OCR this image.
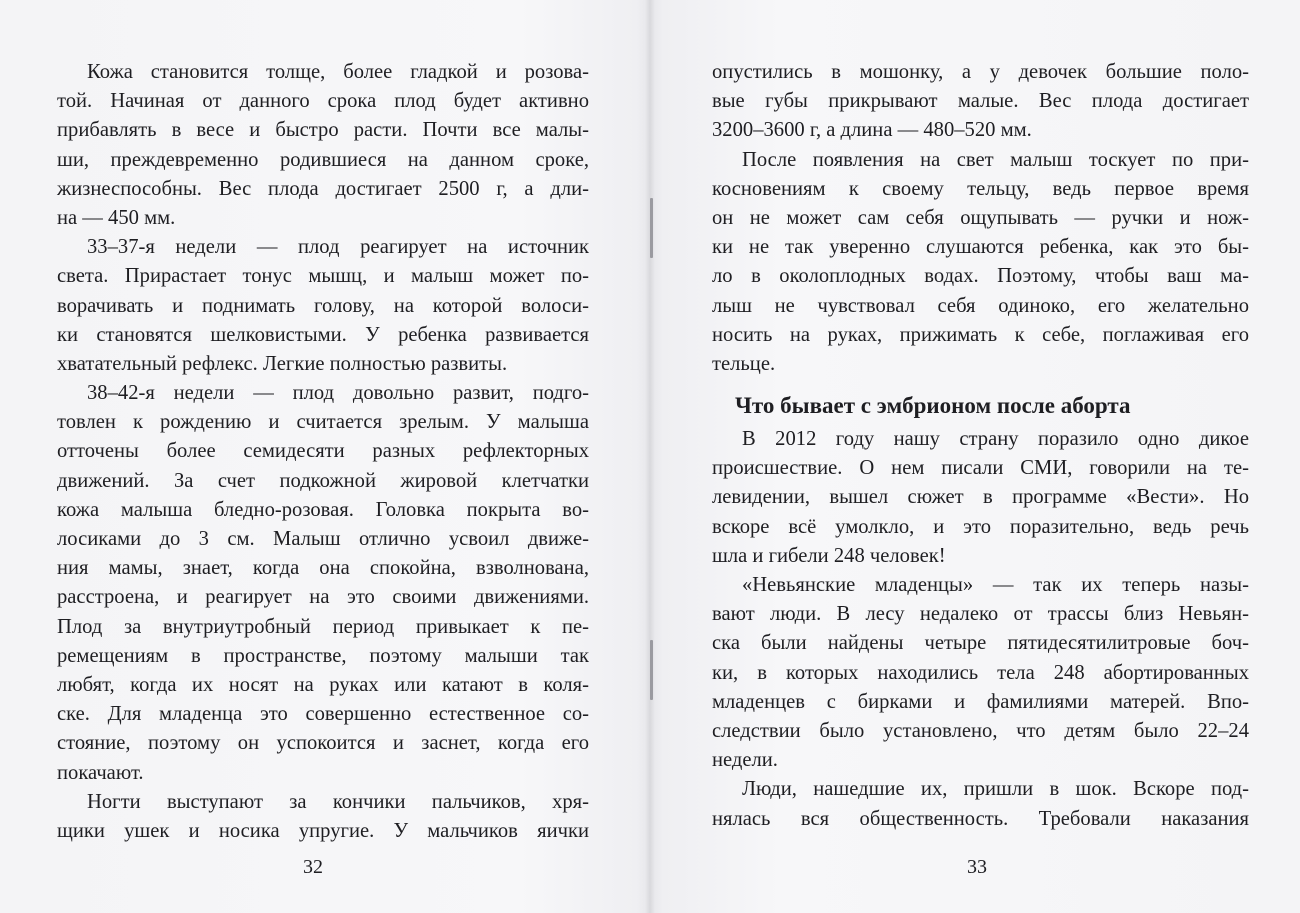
Кожа становится толще, более гладкой и розова-
той. Начиная от данного срока плод будет активно
прибавлять в весе и быстро расти. Почти все малы-
ши, преждевременно родившиеся на данном сроке,
жизнеспособны. Вес плода достигает 2500 г, а дли-
на — 450 мм.
33–37-я недели — плод реагирует на источник
света. Прирастает тонус мышц, и малыш может по-
ворачивать и поднимать голову, на которой волоси-
ки становятся шелковистыми. У ребенка развивается
хватательный рефлекс. Легкие полностью развиты.
38–42-я недели — плод довольно развит, подго-
товлен к рождению и считается зрелым. У малыша
отточены более семидесяти разных рефлекторных
движений. За счет подкожной жировой клетчатки
кожа малыша бледно-розовая. Головка покрыта во-
лосиками до 3 см. Малыш отлично усвоил движе-
ния мамы, знает, когда она спокойна, взволнована,
расстроена, и реагирует на это своими движениями.
Плод за внутриутробный период привыкает к пе-
ремещениям в пространстве, поэтому малыши так
любят, когда их носят на руках или катают в коля-
ске. Для младенца это совершенно естественное со-
стояние, поэтому он успокоится и заснет, когда его
покачают.
Ногти выступают за кончики пальчиков, хря-
щики ушек и носика упругие. У мальчиков яички
32
опустились в мошонку, а у девочек большие поло-
вые губы прикрывают малые. Вес плода достигает
3200–3600 г, а длина — 480–520 мм.
После появления на свет малыш тоскует по при-
косновениям к своему тельцу, ведь первое время
он не может сам себя ощупывать — ручки и нож-
ки не так уверенно слушаются ребенка, как это бы-
ло в околоплодных водах. Поэтому, чтобы ваш ма-
лыш не чувствовал себя одиноко, его желательно
носить на руках, прижимать к себе, поглаживая его
тельце.
Что бывает с эмбрионом после аборта
В 2012 году нашу страну поразило одно дикое
происшествие. О нем писали СМИ, говорили на те-
левидении, вышел сюжет в программе «Вести». Но
вскоре всё умолкло, и это поразительно, ведь речь
шла и гибели 248 человек!
«Невьянские младенцы» — так их теперь назы-
вают люди. В лесу недалеко от трассы близ Невьян-
ска были найдены четыре пятидесятилитровые боч-
ки, в которых находились тела 248 абортированных
младенцев с бирками и фамилиями матерей. Впо-
следствии было установлено, что детям было 22–24
недели.
Люди, нашедшие их, пришли в шок. Вскоре под-
нялась вся общественность. Требовали наказания
33
